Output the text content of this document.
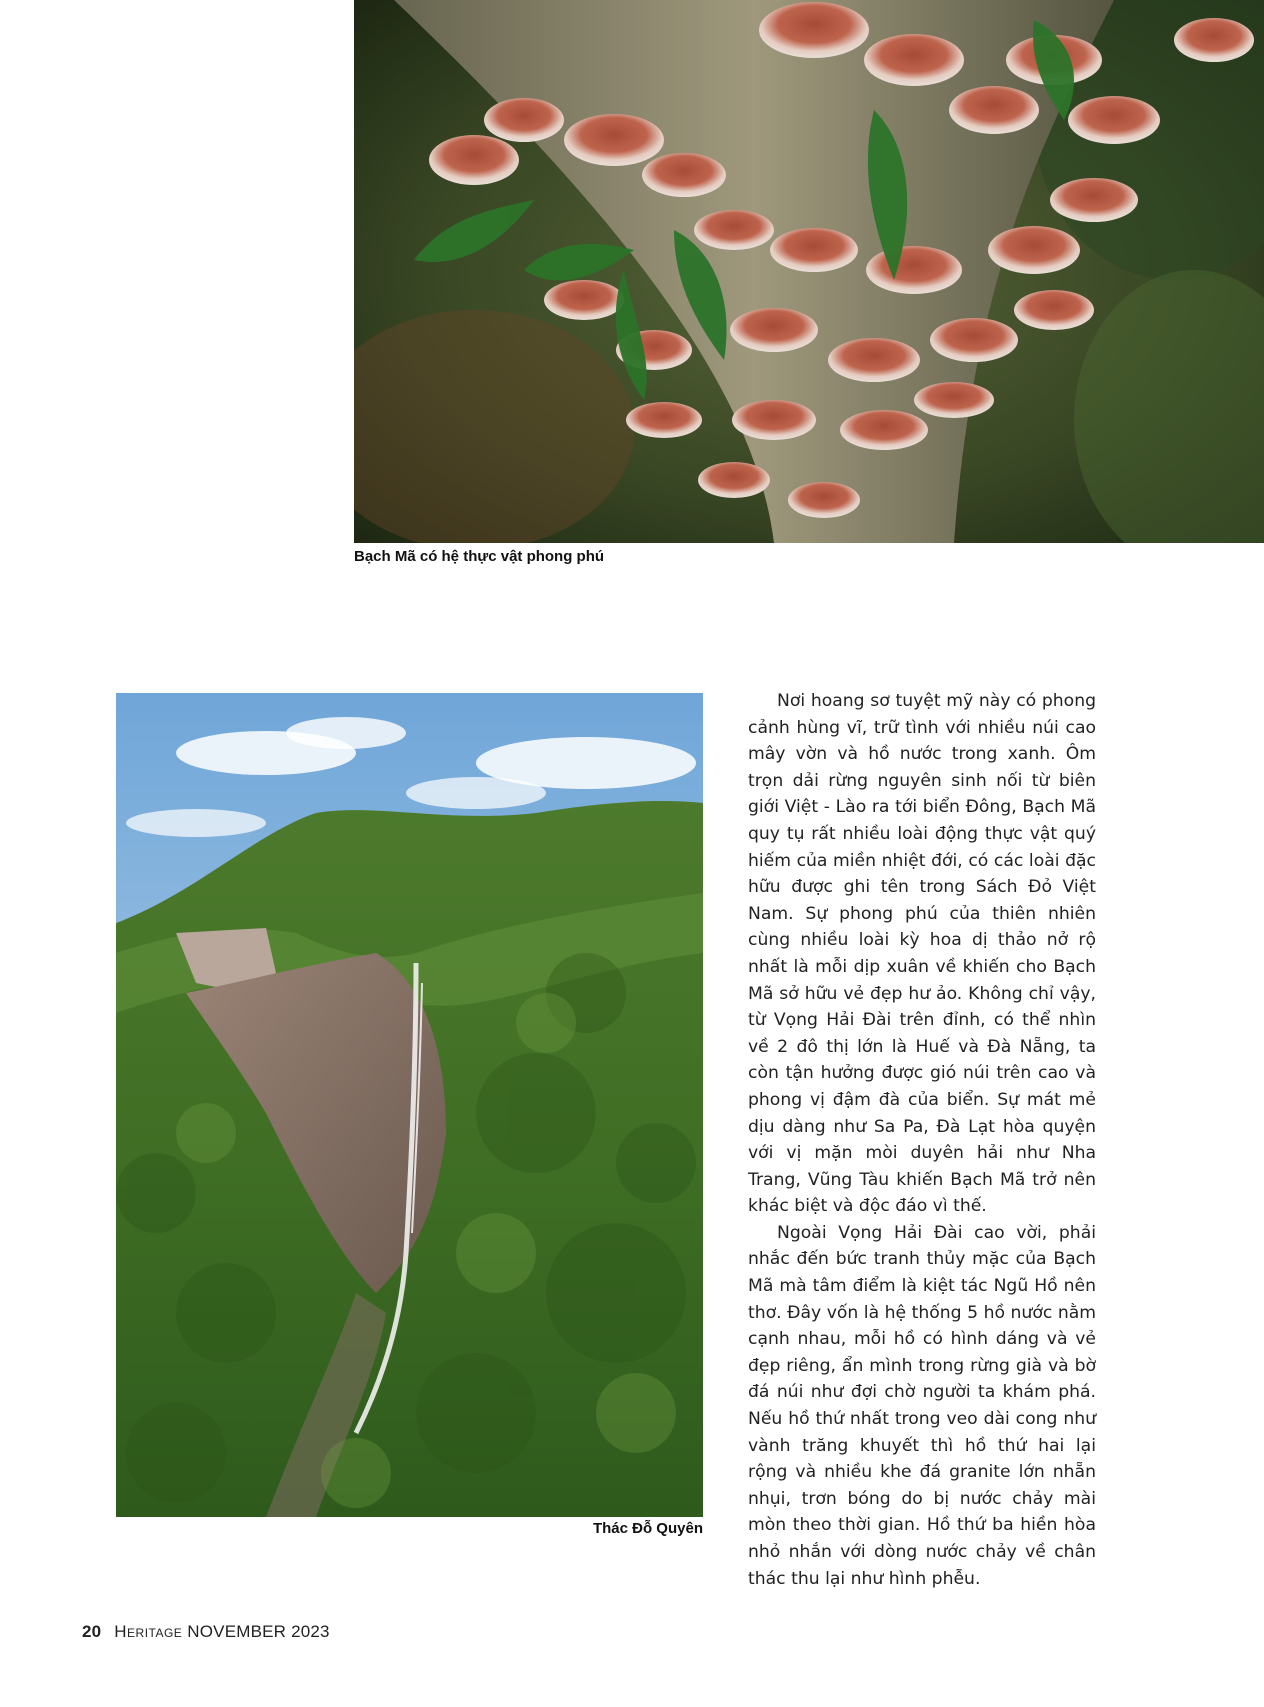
Bạch Mã có hệ thực vật phong phú
Thác Đỗ Quyên

Nơi hoang sơ tuyệt mỹ này có phong cảnh hùng vĩ, trữ tình với nhiều núi cao mây vờn và hồ nước trong xanh. Ôm trọn dải rừng nguyên sinh nối từ biên giới Việt - Lào ra tới biển Đông, Bạch Mã quy tụ rất nhiều loài động thực vật quý hiếm của miền nhiệt đới, có các loài đặc hữu được ghi tên trong Sách Đỏ Việt Nam. Sự phong phú của thiên nhiên cùng nhiều loài kỳ hoa dị thảo nở rộ nhất là mỗi dịp xuân về khiến cho Bạch Mã sở hữu vẻ đẹp hư ảo. Không chỉ vậy, từ Vọng Hải Đài trên đỉnh, có thể nhìn về 2 đô thị lớn là Huế và Đà Nẵng, ta còn tận hưởng được gió núi trên cao và phong vị đậm đà của biển. Sự mát mẻ dịu dàng như Sa Pa, Đà Lạt hòa quyện với vị mặn mòi duyên hải như Nha Trang, Vũng Tàu khiến Bạch Mã trở nên khác biệt và độc đáo vì thế.

Ngoài Vọng Hải Đài cao vời, phải nhắc đến bức tranh thủy mặc của Bạch Mã mà tâm điểm là kiệt tác Ngũ Hồ nên thơ. Đây vốn là hệ thống 5 hồ nước nằm cạnh nhau, mỗi hồ có hình dáng và vẻ đẹp riêng, ẩn mình trong rừng già và bờ đá núi như đợi chờ người ta khám phá. Nếu hồ thứ nhất trong veo dài cong như vành trăng khuyết thì hồ thứ hai lại rộng và nhiều khe đá granite lớn nhẵn nhụi, trơn bóng do bị nước chảy mài mòn theo thời gian. Hồ thứ ba hiền hòa nhỏ nhắn với dòng nước chảy về chân thác thu lại như hình phễu.

20 Heritage NOVEMBER 2023
